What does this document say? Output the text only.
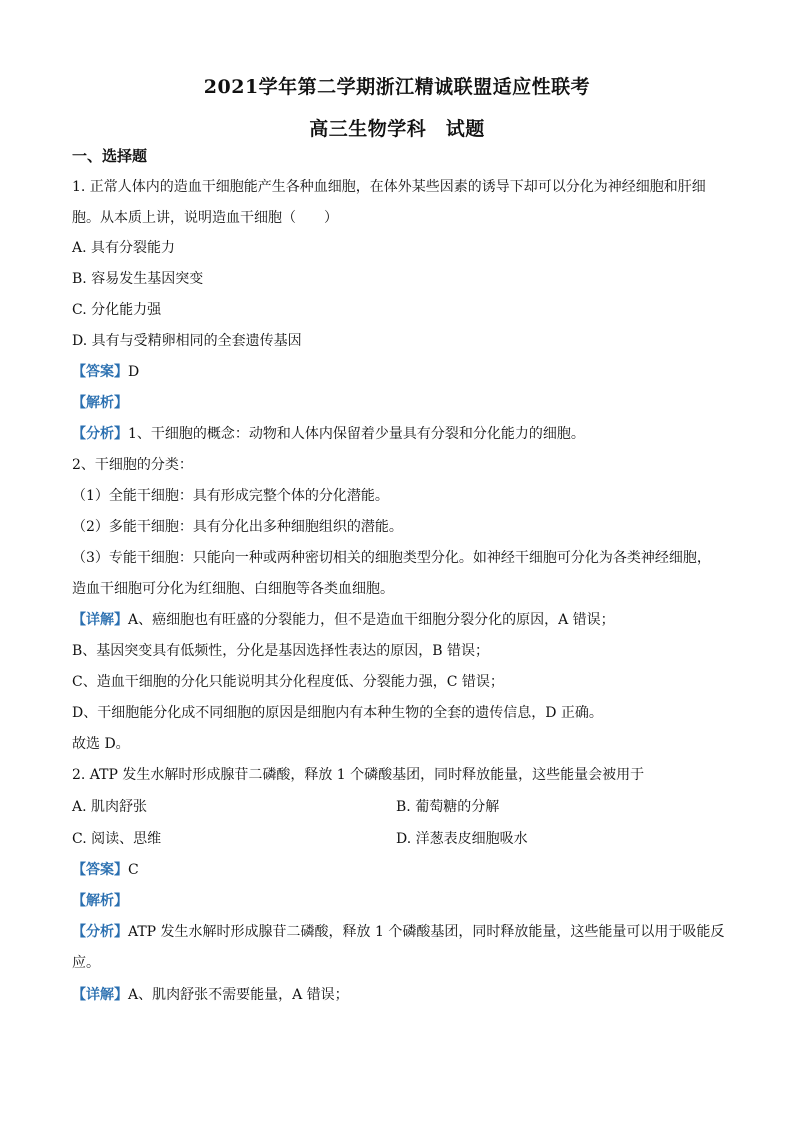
2021学年第二学期浙江精诚联盟适应性联考
高三生物学科　试题
一、选择题
1. 正常人体内的造血干细胞能产生各种血细胞，在体外某些因素的诱导下却可以分化为神经细胞和肝细
胞。从本质上讲，说明造血干细胞（　　）
A. 具有分裂能力
B. 容易发生基因突变
C. 分化能力强
D. 具有与受精卵相同的全套遗传基因
【答案】D
【解析】
【分析】1、干细胞的概念：动物和人体内保留着少量具有分裂和分化能力的细胞。
2、干细胞的分类：
（1）全能干细胞：具有形成完整个体的分化潜能。
（2）多能干细胞：具有分化出多种细胞组织的潜能。
（3）专能干细胞：只能向一种或两种密切相关的细胞类型分化。如神经干细胞可分化为各类神经细胞，
造血干细胞可分化为红细胞、白细胞等各类血细胞。
【详解】A、癌细胞也有旺盛的分裂能力，但不是造血干细胞分裂分化的原因，A 错误；
B、基因突变具有低频性，分化是基因选择性表达的原因，B 错误；
C、造血干细胞的分化只能说明其分化程度低、分裂能力强，C 错误；
D、干细胞能分化成不同细胞的原因是细胞内有本种生物的全套的遗传信息，D 正确。
故选 D。
2. ATP 发生水解时形成腺苷二磷酸，释放 1 个磷酸基团，同时释放能量，这些能量会被用于
A. 肌肉舒张	B. 葡萄糖的分解
C. 阅读、思维	D. 洋葱表皮细胞吸水
【答案】C
【解析】
【分析】ATP 发生水解时形成腺苷二磷酸，释放 1 个磷酸基团，同时释放能量，这些能量可以用于吸能反
应。
【详解】A、肌肉舒张不需要能量，A 错误；
